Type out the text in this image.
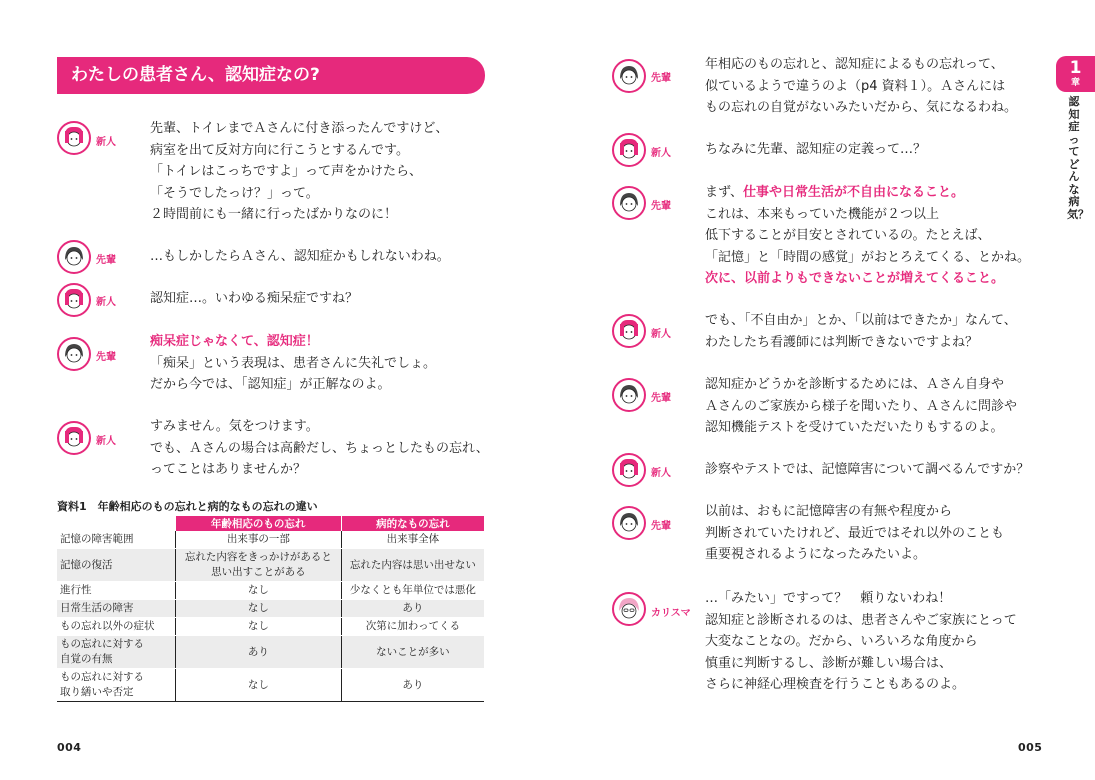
わたしの患者さん、認知症なの?
新人
先輩、トイレまでＡさんに付き添ったんですけど、
病室を出て反対方向に行こうとするんです。
「トイレはこっちですよ」って声をかけたら、
「そうでしたっけ？」って。
２時間前にも一緒に行ったばかりなのに！
先輩	…もしかしたらＡさん、認知症かもしれないわね。
新人	認知症…。いわゆる痴呆症ですね？
先輩
痴呆症じゃなくて、認知症！
「痴呆」という表現は、患者さんに失礼でしょ。
だから今では、「認知症」が正解なのよ。
新人
すみません。気をつけます。
でも、Ａさんの場合は高齢だし、ちょっとしたもの忘れ、
ってことはありませんか？
資料1　年齢相応のもの忘れと病的なもの忘れの違い
	年齢相応のもの忘れ	病的なもの忘れ
記憶の障害範囲	出来事の一部	出来事全体
記憶の復活	忘れた内容をきっかけがあると
思い出すことがある	忘れた内容は思い出せない
進行性	なし	少なくとも年単位では悪化
日常生活の障害	なし	あり
もの忘れ以外の症状	なし	次第に加わってくる
もの忘れに対する
自覚の有無	あり	ないことが多い
もの忘れに対する
取り繕いや否定	なし	あり
004
先輩
年相応のもの忘れと、認知症によるもの忘れって、
似ているようで違うのよ（p4 資料１）。Ａさんには
もの忘れの自覚がないみたいだから、気になるわね。
新人	ちなみに先輩、認知症の定義って…？
先輩
まず、仕事や日常生活が不自由になること。
これは、本来もっていた機能が２つ以上
低下することが目安とされているの。たとえば、
「記憶」と「時間の感覚」がおとろえてくる、とかね。
次に、以前よりもできないことが増えてくること。
新人
でも、「不自由か」とか、「以前はできたか」なんて、
わたしたち看護師には判断できないですよね？
先輩
認知症かどうかを診断するためには、Ａさん自身や
Ａさんのご家族から様子を聞いたり、Ａさんに問診や
認知機能テストを受けていただいたりもするのよ。
新人	診察やテストでは、記憶障害について調べるんですか？
先輩
以前は、おもに記憶障害の有無や程度から
判断されていたけれど、最近ではそれ以外のことも
重要視されるようになったみたいよ。
カリスマ
…「みたい」ですって？　頼りないわね！
認知症と診断されるのは、患者さんやご家族にとって
大変なことなの。だから、いろいろな角度から
慎重に判断するし、診断が難しい場合は、
さらに神経心理検査を行うこともあるのよ。
1
章
認知症ってどんな病気？
005
